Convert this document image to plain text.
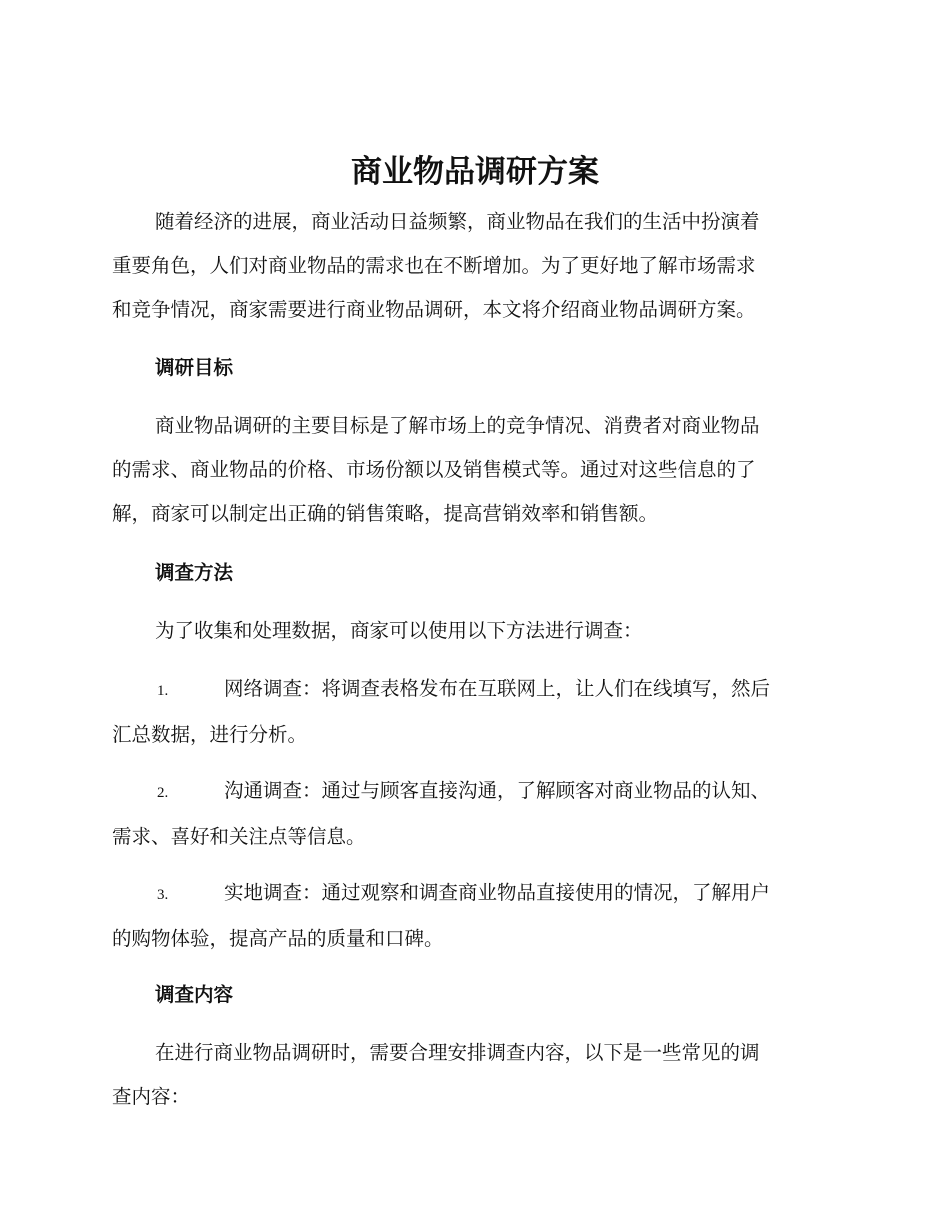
商业物品调研方案
随着经济的进展，商业活动日益频繁，商业物品在我们的生活中扮演着
重要角色，人们对商业物品的需求也在不断增加。为了更好地了解市场需求
和竞争情况，商家需要进行商业物品调研，本文将介绍商业物品调研方案。
调研目标
商业物品调研的主要目标是了解市场上的竞争情况、消费者对商业物品
的需求、商业物品的价格、市场份额以及销售模式等。通过对这些信息的了
解，商家可以制定出正确的销售策略，提高营销效率和销售额。
调查方法
为了收集和处理数据，商家可以使用以下方法进行调查：
1.	网络调查：将调查表格发布在互联网上，让人们在线填写，然后
汇总数据，进行分析。
2.	沟通调查：通过与顾客直接沟通，了解顾客对商业物品的认知、
需求、喜好和关注点等信息。
3.	实地调查：通过观察和调查商业物品直接使用的情况，了解用户
的购物体验，提高产品的质量和口碑。
调查内容
在进行商业物品调研时，需要合理安排调查内容，以下是一些常见的调
查内容：
